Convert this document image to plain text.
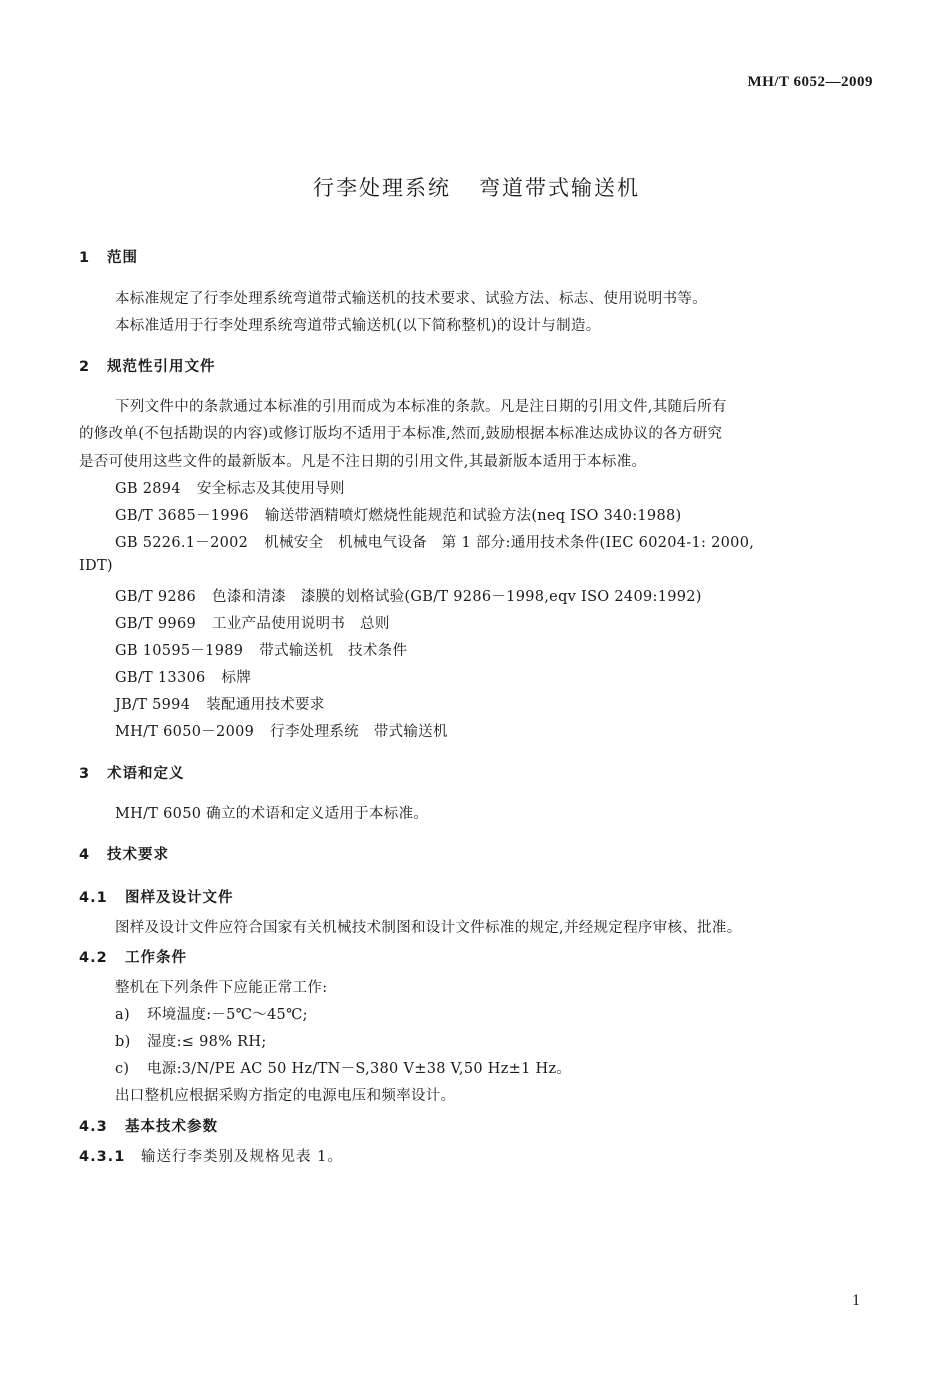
MH/T 6052—2009
行李处理系统 弯道带式输送机
1 范围
本标准规定了行李处理系统弯道带式输送机的技术要求、试验方法、标志、使用说明书等。
本标准适用于行李处理系统弯道带式输送机(以下简称整机)的设计与制造。
2 规范性引用文件
下列文件中的条款通过本标准的引用而成为本标准的条款。凡是注日期的引用文件,其随后所有
的修改单(不包括勘误的内容)或修订版均不适用于本标准,然而,鼓励根据本标准达成协议的各方研究
是否可使用这些文件的最新版本。凡是不注日期的引用文件,其最新版本适用于本标准。
GB 2894 安全标志及其使用导则
GB/T 3685－1996 输送带酒精喷灯燃烧性能规范和试验方法(neq ISO 340:1988)
GB 5226.1－2002 机械安全　机械电气设备　第 1 部分:通用技术条件(IEC 60204-1: 2000,
IDT)
GB/T 9286 色漆和清漆　漆膜的划格试验(GB/T 9286－1998,eqv ISO 2409:1992)
GB/T 9969 工业产品使用说明书　总则
GB 10595－1989 带式输送机　技术条件
GB/T 13306 标牌
JB/T 5994 装配通用技术要求
MH/T 6050－2009 行李处理系统　带式输送机
3 术语和定义
MH/T 6050 确立的术语和定义适用于本标准。
4 技术要求
4.1 图样及设计文件
图样及设计文件应符合国家有关机械技术制图和设计文件标准的规定,并经规定程序审核、批准。
4.2 工作条件
整机在下列条件下应能正常工作:
a) 环境温度:－5℃～45℃;
b) 湿度:≤ 98% RH;
c) 电源:3/N/PE AC 50 Hz/TN－S,380 V±38 V,50 Hz±1 Hz。
出口整机应根据采购方指定的电源电压和频率设计。
4.3 基本技术参数
4.3.1 输送行李类别及规格见表 1。
1
